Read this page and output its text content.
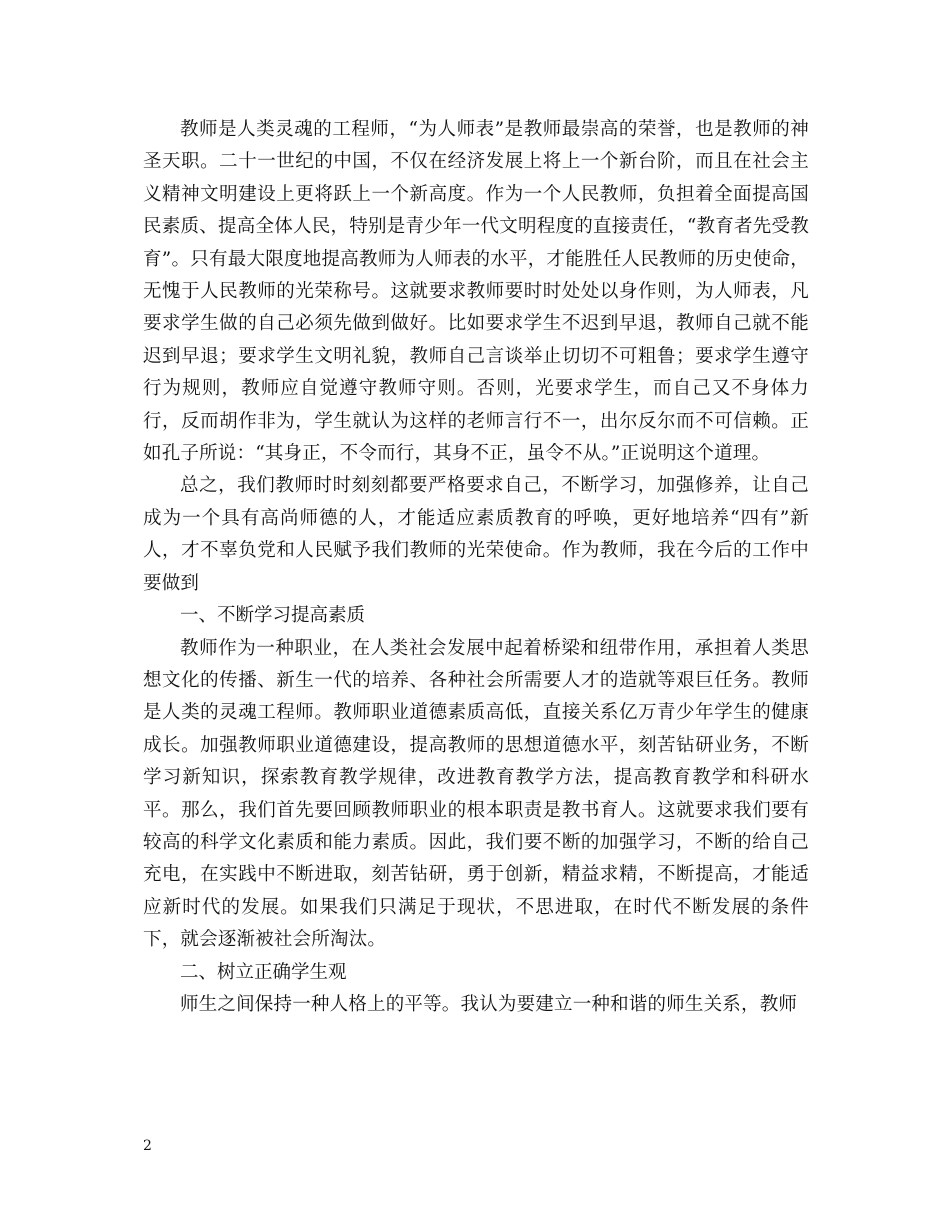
教师是人类灵魂的工程师，“为人师表”是教师最崇高的荣誉，也是教师的神圣天职。二十一世纪的中国，不仅在经济发展上将上一个新台阶，而且在社会主义精神文明建设上更将跃上一个新高度。作为一个人民教师，负担着全面提高国民素质、提高全体人民，特别是青少年一代文明程度的直接责任，“教育者先受教育”。只有最大限度地提高教师为人师表的水平，才能胜任人民教师的历史使命，无愧于人民教师的光荣称号。这就要求教师要时时处处以身作则，为人师表，凡要求学生做的自己必须先做到做好。比如要求学生不迟到早退，教师自己就不能迟到早退；要求学生文明礼貌，教师自己言谈举止切切不可粗鲁；要求学生遵守行为规则，教师应自觉遵守教师守则。否则，光要求学生，而自己又不身体力行，反而胡作非为，学生就认为这样的老师言行不一，出尔反尔而不可信赖。正如孔子所说：“其身正，不令而行，其身不正，虽令不从。”正说明这个道理。

总之，我们教师时时刻刻都要严格要求自己，不断学习，加强修养，让自己成为一个具有高尚师德的人，才能适应素质教育的呼唤，更好地培养“四有”新人，才不辜负党和人民赋予我们教师的光荣使命。作为教师，我在今后的工作中要做到

一、不断学习提高素质

教师作为一种职业，在人类社会发展中起着桥梁和纽带作用，承担着人类思想文化的传播、新生一代的培养、各种社会所需要人才的造就等艰巨任务。教师是人类的灵魂工程师。教师职业道德素质高低，直接关系亿万青少年学生的健康成长。加强教师职业道德建设，提高教师的思想道德水平，刻苦钻研业务，不断学习新知识，探索教育教学规律，改进教育教学方法，提高教育教学和科研水平。那么，我们首先要回顾教师职业的根本职责是教书育人。这就要求我们要有较高的科学文化素质和能力素质。因此，我们要不断的加强学习，不断的给自己充电，在实践中不断进取，刻苦钻研，勇于创新，精益求精，不断提高，才能适应新时代的发展。如果我们只满足于现状，不思进取，在时代不断发展的条件下，就会逐渐被社会所淘汰。

二、树立正确学生观

师生之间保持一种人格上的平等。我认为要建立一种和谐的师生关系，教师

2
